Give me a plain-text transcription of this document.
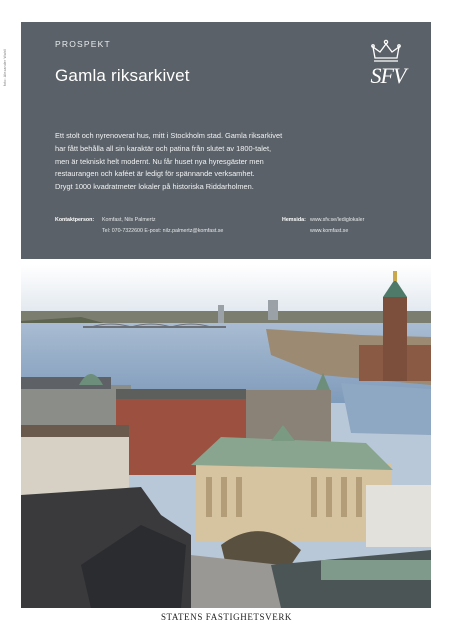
foto: Alexander Wahll
PROSPEKT
Gamla riksarkivet	SFV

Ett stolt och nyrenoverat hus, mitt i Stockholm stad. Gamla riksarkivet

har fått behålla all sin karaktär och patina från slutet av 1800-talet,

men är tekniskt helt modernt. Nu får huset nya hyresgäster men

restaurangen och kaféet är ledigt för spännande verksamhet.

Drygt 1000 kvadratmeter lokaler på historiska Riddarholmen.

Kontaktperson: Komfast, Nils Palmertz
Tel: 070-7322600 E-post: nilz.palmertz@komfast.se
Hemsida: www.sfv.se/lediglokaler
www.komfast.se
STATENS FASTIGHETSVERK
